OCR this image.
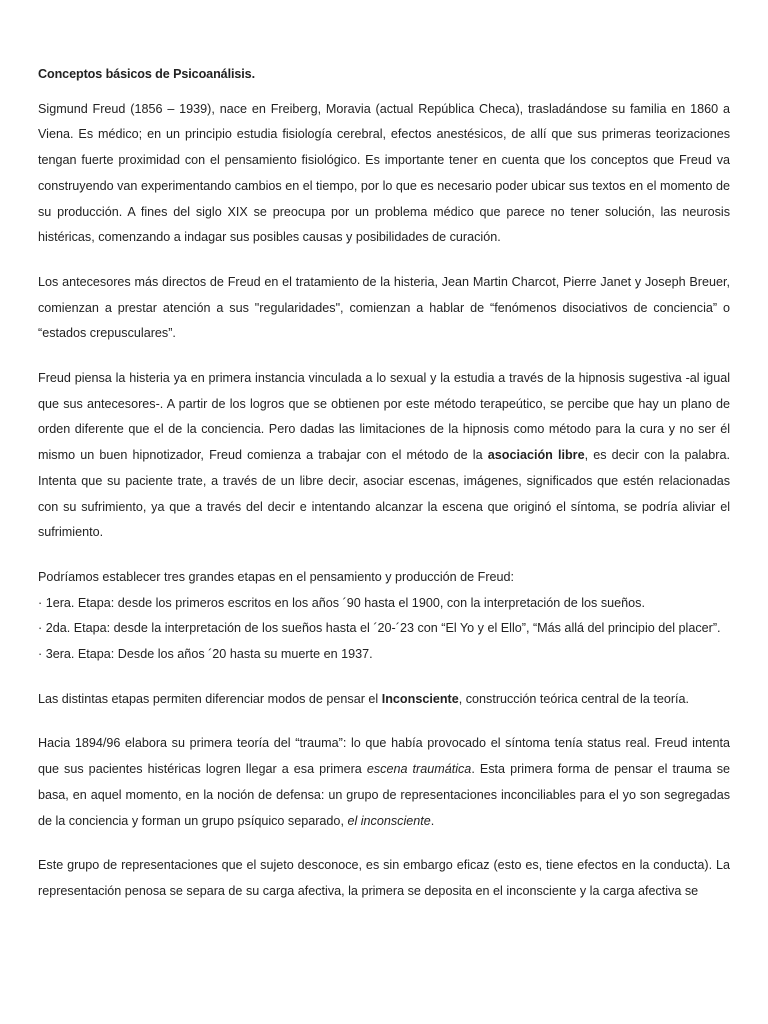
Conceptos básicos de Psicoanálisis.

Sigmund Freud (1856 – 1939), nace en Freiberg, Moravia (actual República Checa), trasladándose su familia en 1860 a Viena. Es médico; en un principio estudia fisiología cerebral, efectos anestésicos, de allí que sus primeras teorizaciones tengan fuerte proximidad con el pensamiento fisiológico. Es importante tener en cuenta que los conceptos que Freud va construyendo van experimentando cambios en el tiempo, por lo que es necesario poder ubicar sus textos en el momento de su producción. A fines del siglo XIX se preocupa por un problema médico que parece no tener solución, las neurosis histéricas, comenzando a indagar sus posibles causas y posibilidades de curación.

Los antecesores más directos de Freud en el tratamiento de la histeria, Jean Martin Charcot, Pierre Janet y Joseph Breuer, comienzan a prestar atención a sus "regularidades", comienzan a hablar de “fenómenos disociativos de conciencia” o “estados crepusculares”.

Freud piensa la histeria ya en primera instancia vinculada a lo sexual y la estudia a través de la hipnosis sugestiva -al igual que sus antecesores-. A partir de los logros que se obtienen por este método terapeútico, se percibe que hay un plano de orden diferente que el de la conciencia. Pero dadas las limitaciones de la hipnosis como método para la cura y no ser él mismo un buen hipnotizador, Freud comienza a trabajar con el método de la asociación libre, es decir con la palabra. Intenta que su paciente trate, a través de un libre decir, asociar escenas, imágenes, significados que estén relacionadas con su sufrimiento, ya que a través del decir e intentando alcanzar la escena que originó el síntoma, se podría aliviar el sufrimiento.

Podríamos establecer tres grandes etapas en el pensamiento y producción de Freud:
· 1era. Etapa: desde los primeros escritos en los años ´90 hasta el 1900, con la interpretación de los sueños.
· 2da. Etapa: desde la interpretación de los sueños hasta el ´20-´23 con “El Yo y el Ello”, “Más allá del principio del placer”.
· 3era. Etapa: Desde los años ´20 hasta su muerte en 1937.

Las distintas etapas permiten diferenciar modos de pensar el Inconsciente, construcción teórica central de la teoría.

Hacia 1894/96 elabora su primera teoría del “trauma”: lo que había provocado el síntoma tenía status real. Freud intenta que sus pacientes histéricas logren llegar a esa primera escena traumática. Esta primera forma de pensar el trauma se basa, en aquel momento, en la noción de defensa: un grupo de representaciones inconciliables para el yo son segregadas de la conciencia y forman un grupo psíquico separado, el inconsciente.

Este grupo de representaciones que el sujeto desconoce, es sin embargo eficaz (esto es, tiene efectos en la conducta). La representación penosa se separa de su carga afectiva, la primera se deposita en el inconsciente y la carga afectiva se
